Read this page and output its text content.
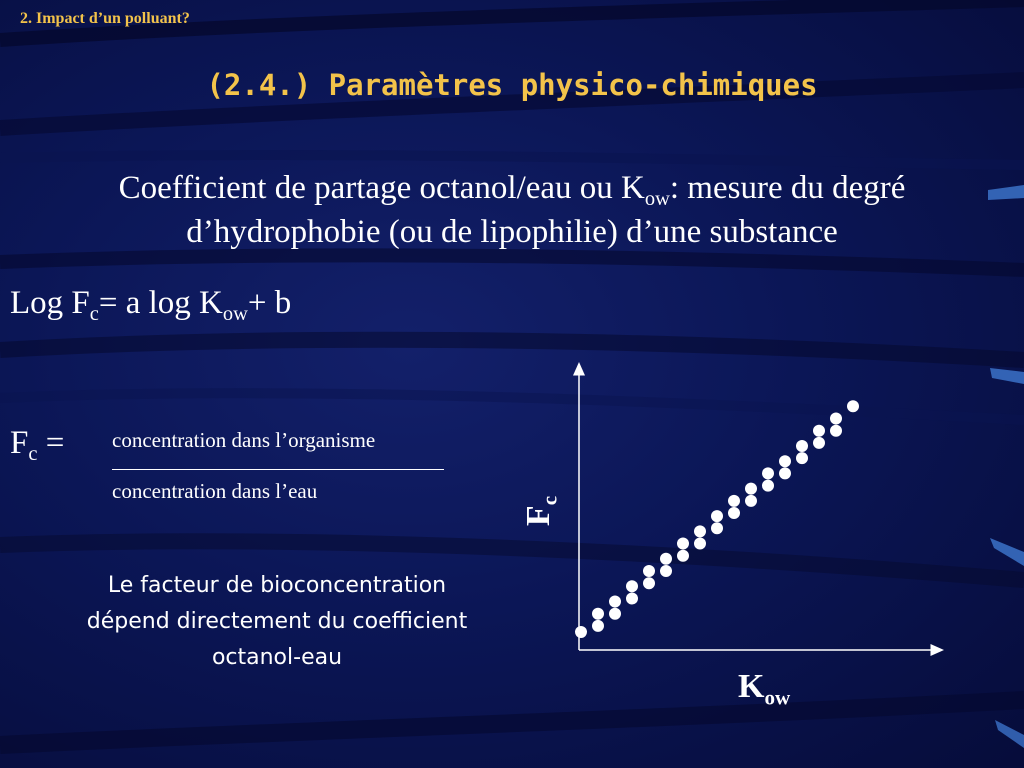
2. Impact d’un polluant?
(2.4.) Paramètres physico-chimiques
Coefficient de partage octanol/eau ou $K_{ow}$: mesure du degré
d’hydrophobie (ou de lipophilie) d’une substance
Log $F_c= a$ $\log K_{ow}+ b$
$F_c$ = concentration dans l’organisme
concentration dans l’eau
Le facteur de bioconcentration
dépend directement du coefficient
octanol-eau
$F_c$
$K_{ow}$
